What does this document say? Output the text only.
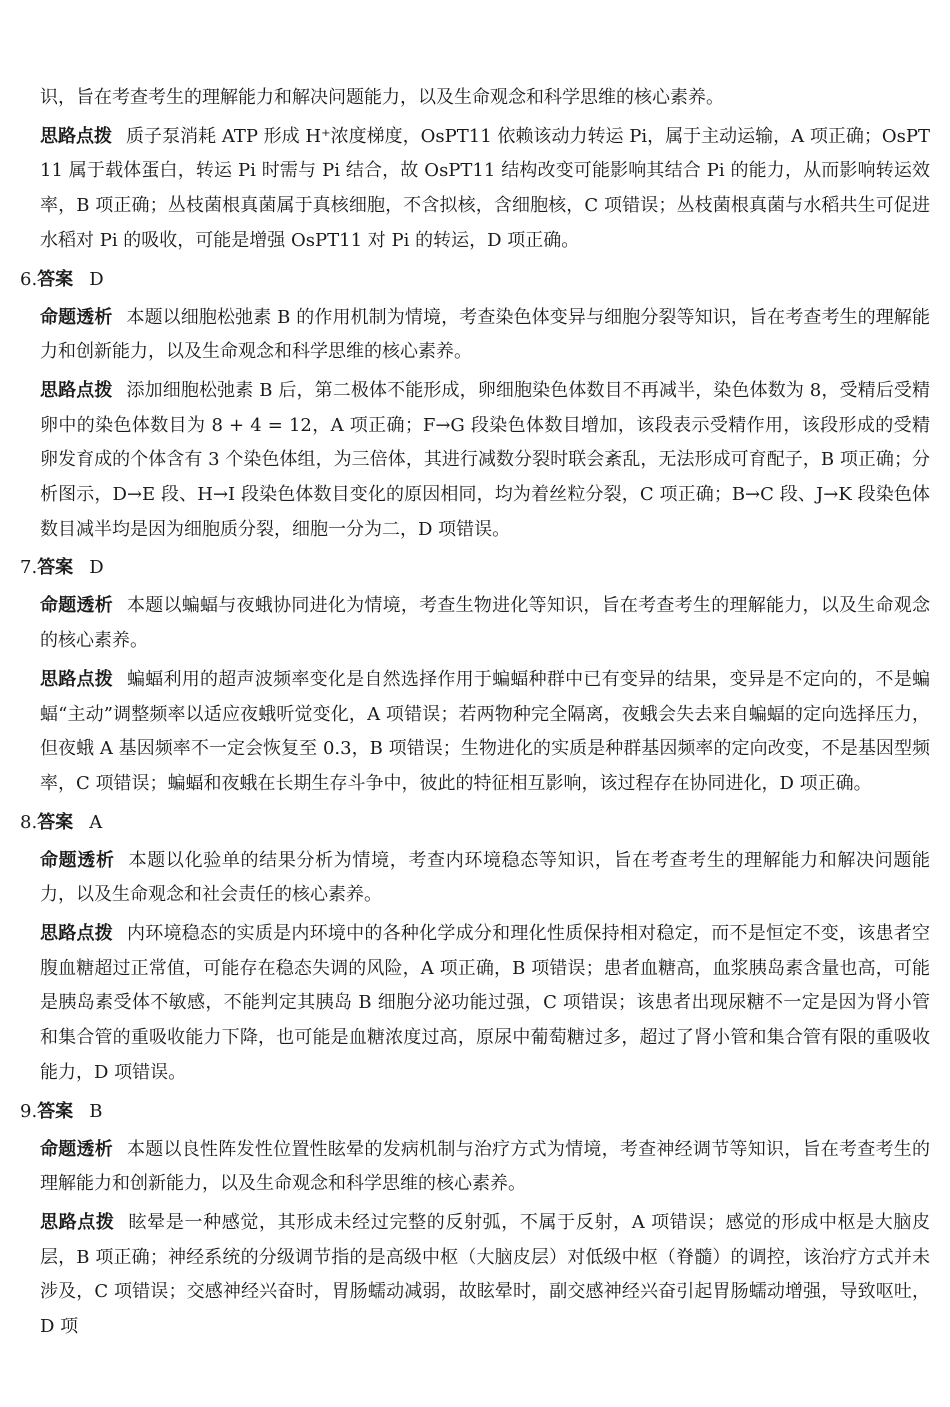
识，旨在考查考生的理解能力和解决问题能力，以及生命观念和科学思维的核心素养。

思路点拨 质子泵消耗 ATP 形成 H⁺浓度梯度，OsPT11 依赖该动力转运 Pi，属于主动运输，A 项正确；OsPT11 属于载体蛋白，转运 Pi 时需与 Pi 结合，故 OsPT11 结构改变可能影响其结合 Pi 的能力，从而影响转运效率，B 项正确；丛枝菌根真菌属于真核细胞，不含拟核，含细胞核，C 项错误；丛枝菌根真菌与水稻共生可促进水稻对 Pi 的吸收，可能是增强 OsPT11 对 Pi 的转运，D 项正确。

6.答案 D

命题透析 本题以细胞松弛素 B 的作用机制为情境，考查染色体变异与细胞分裂等知识，旨在考查考生的理解能力和创新能力，以及生命观念和科学思维的核心素养。

思路点拨 添加细胞松弛素 B 后，第二极体不能形成，卵细胞染色体数目不再减半，染色体数为 8，受精后受精卵中的染色体数目为 8 + 4 = 12，A 项正确；F→G 段染色体数目增加，该段表示受精作用，该段形成的受精卵发育成的个体含有 3 个染色体组，为三倍体，其进行减数分裂时联会紊乱，无法形成可育配子，B 项正确；分析图示，D→E 段、H→I 段染色体数目变化的原因相同，均为着丝粒分裂，C 项正确；B→C 段、J→K 段染色体数目减半均是因为细胞质分裂，细胞一分为二，D 项错误。

7.答案 D

命题透析 本题以蝙蝠与夜蛾协同进化为情境，考查生物进化等知识，旨在考查考生的理解能力，以及生命观念的核心素养。

思路点拨 蝙蝠利用的超声波频率变化是自然选择作用于蝙蝠种群中已有变异的结果，变异是不定向的，不是蝙蝠“主动”调整频率以适应夜蛾听觉变化，A 项错误；若两物种完全隔离，夜蛾会失去来自蝙蝠的定向选择压力，但夜蛾 A 基因频率不一定会恢复至 0.3，B 项错误；生物进化的实质是种群基因频率的定向改变，不是基因型频率，C 项错误；蝙蝠和夜蛾在长期生存斗争中，彼此的特征相互影响，该过程存在协同进化，D 项正确。

8.答案 A

命题透析 本题以化验单的结果分析为情境，考查内环境稳态等知识，旨在考查考生的理解能力和解决问题能力，以及生命观念和社会责任的核心素养。

思路点拨 内环境稳态的实质是内环境中的各种化学成分和理化性质保持相对稳定，而不是恒定不变，该患者空腹血糖超过正常值，可能存在稳态失调的风险，A 项正确，B 项错误；患者血糖高，血浆胰岛素含量也高，可能是胰岛素受体不敏感，不能判定其胰岛 B 细胞分泌功能过强，C 项错误；该患者出现尿糖不一定是因为肾小管和集合管的重吸收能力下降，也可能是血糖浓度过高，原尿中葡萄糖过多，超过了肾小管和集合管有限的重吸收能力，D 项错误。

9.答案 B

命题透析 本题以良性阵发性位置性眩晕的发病机制与治疗方式为情境，考查神经调节等知识，旨在考查考生的理解能力和创新能力，以及生命观念和科学思维的核心素养。

思路点拨 眩晕是一种感觉，其形成未经过完整的反射弧，不属于反射，A 项错误；感觉的形成中枢是大脑皮层，B 项正确；神经系统的分级调节指的是高级中枢（大脑皮层）对低级中枢（脊髓）的调控，该治疗方式并未涉及，C 项错误；交感神经兴奋时，胃肠蠕动减弱，故眩晕时，副交感神经兴奋引起胃肠蠕动增强，导致呕吐，D 项
